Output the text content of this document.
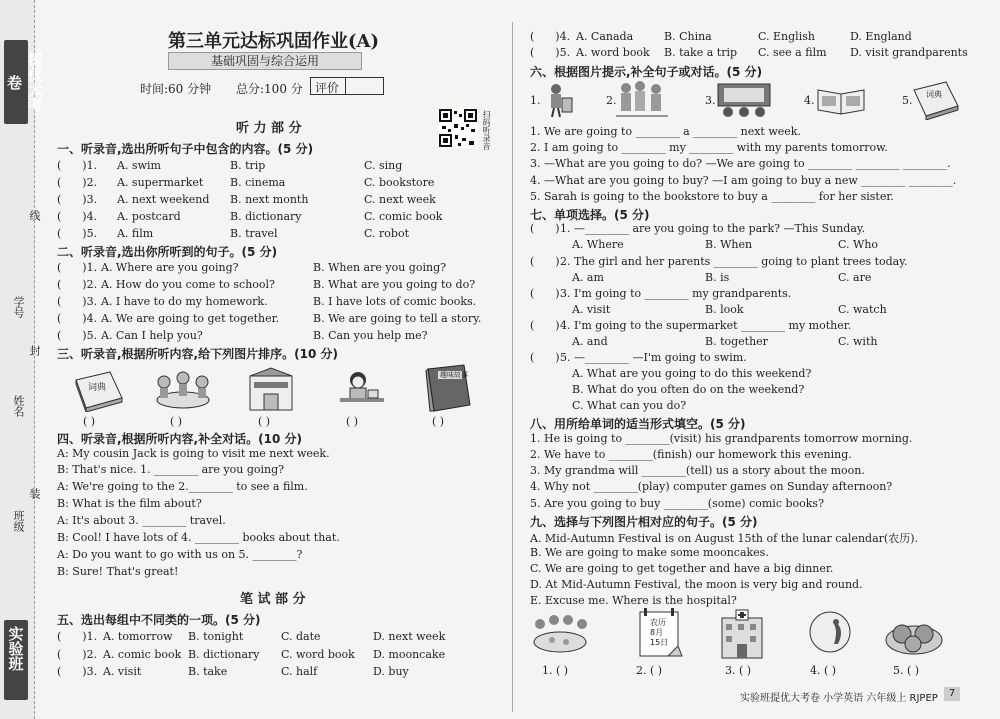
提优大考卷
学号
线
封
姓名
装
班级
实验班
第三单元达标巩固作业(A)
基础巩固与综合运用
时间:60 分钟 总分:100 分 评价
扫码听录音
听 力 部 分
一、听录音,选出所听句子中包含的内容。(5 分)
(      )1. A. swim	B. trip	C. sing
(      )2. A. supermarket B. cinema	C. bookstore
(      )3. A. next weekend B. next month	C. next week
(      )4. A. postcard	B. dictionary	C. comic book
(      )5. A. film	B. travel	C. robot
二、听录音,选出你所听到的句子。(5 分)
(      )1. A. Where are you going?	B. When are you going?
(      )2. A. How do you come to school?	B. What are you going to do?
(      )3. A. I have to do my homework.	B. I have lots of comic books.
(      )4. A. We are going to get together.	B. We are going to tell a story.
(      )5. A. Can I help you?	B. Can you help me?
三、听录音,根据所听内容,给下列图片排序。(10 分)
词典
趣味故事
( )	( )	( )	( )	( )
四、听录音,根据所听内容,补全对话。(10 分)
A: My cousin Jack is going to visit me next week.
B: That's nice. 1. ________ are you going?
A: We're going to the 2.________ to see a film.
B: What is the film about?
A: It's about 3. ________ travel.
B: Cool! I have lots of 4. ________ books about that.
A: Do you want to go with us on 5. ________?
B: Sure! That's great!
笔 试 部 分
五、选出每组中不同类的一项。(5 分)
(      )1. A. tomorrow B. tonight	C. date	D. next week
(      )2. A. comic book B. dictionary C. word book D. mooncake
(      )3. A. visit	B. take	C. half	D. buy
(      )4. A. Canada	B. China	C. English	D. England
(      )5. A. word book B. take a trip C. see a film D. visit grandparents
六、根据图片提示,补全句子或对话。(5 分)
1.	2.	3.	4.	5. 词典
1. We are going to ________ a ________ next week.
2. I am going to ________ my ________ with my parents tomorrow.
3. —What are you going to do? —We are going to ________ ________ ________.
4. —What are you going to buy? —I am going to buy a new ________ ________.
5. Sarah is going to the bookstore to buy a ________ for her sister.
七、单项选择。(5 分)
(      ) 1. —________ are you going to the park? —This Sunday.
A. Where	B. When	C. Who
(      ) 2. The girl and her parents ________ going to plant trees today.
A. am	B. is	C. are
(      ) 3. I'm going to ________ my grandparents.
A. visit	B. look	C. watch
(      ) 4. I'm going to the supermarket ________ my mother.
A. and	B. together	C. with
(      ) 5. —________ —I'm going to swim.
A. What are you going to do this weekend?
B. What do you often do on the weekend?
C. What can you do?
八、用所给单词的适当形式填空。(5 分)
1. He is going to ________(visit) his grandparents tomorrow morning.
2. We have to ________(finish) our homework this evening.
3. My grandma will ________(tell) us a story about the moon.
4. Why not ________(play) computer games on Sunday afternoon?
5. Are you going to buy ________(some) comic books?
九、选择与下列图片相对应的句子。(5 分)
A. Mid-Autumn Festival is on August 15th of the lunar calendar(农历).
B. We are going to make some mooncakes.
C. We are going to get together and have a big dinner.
D. At Mid-Autumn Festival, the moon is very big and round.
E. Excuse me. Where is the hospital?
农历
8月
15日
1. ( )	2. ( )	3. ( )	4. ( )	5. ( )
实验班提优大考卷 小学英语 六年级上 RJPEP	7
